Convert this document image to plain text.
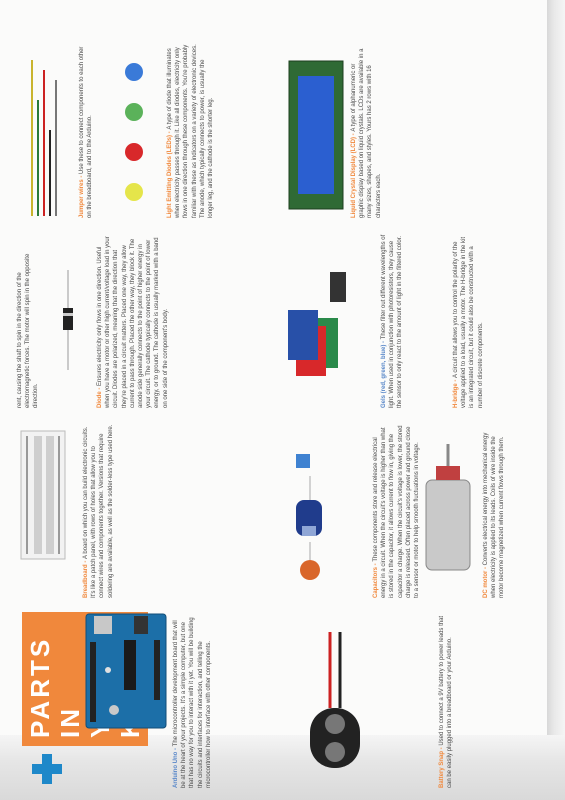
PARTS IN
Arduino Uno - The microcontroller development board that will be at the heart of your projects. It's a simple computer, but one that has no way for you to interact with it yet. You will be building the circuits and interfaces for interaction, and telling the microcontroller how to interface with other components.	Battery Snap - Used to connect a 9V battery to power leads that can be easily plugged into a breadboard or your Arduino.
Breadboard - A board on which you can build electronic circuits. It's like a patch panel, with rows of holes that allow you to connect wires and components together. Versions that require soldering are available, as well as the solder-less type used here.	Capacitors - These components store and release electrical energy in a circuit. When the circuit's voltage is higher than what is stored in the capacitor, it allows current to flow in, giving the capacitor a charge. When the circuit's voltage is lower, the stored charge is released. Often placed across power and ground close to a sensor or motor to help smooth fluctuations in voltage.
rent, causing the shaft to spin in the direction of the electromagnetic forces. The motor will spin in the opposite direction.	Diode - Ensures electricity only flows in one direction. Useful when you have a motor or other high current/voltage load in your circuit. Diodes are polarized, meaning that the direction that they're placed in a circuit matters. Placed one way, they allow current to pass through. Placed the other way, they block it. The anode side generally connects to the point of higher energy in your circuit. The cathode typically connects to the point of lower energy, or to ground. The cathode is usually marked with a band on one side of the component's body.	Gels (red, green, blue) - These filter out different wavelengths of light. When used in conjunction with photoresistors, they cause the sensor to only react to the amount of light in the filtered color.
Jumper wires - Use these to connect components to each other on the breadboard, and to the Arduino.	Light Emitting Diodes (LEDs) - A type of diode that illuminates when electricity passes through it. Like all diodes, electricity only flows in one direction through these components. You're probably familiar with these as indicators on a variety of electronic devices. The anode, which typically connects to power, is usually the longer leg, and the cathode is the shorter leg.	Liquid Crystal Display (LCD) - A type of alphanumeric or graphic display based on liquid crystals. LCDs are available in a many sizes, shapes, and styles. Yours has 2 rows with 16 characters each.
DC motor - Converts electrical energy into mechanical energy when electricity is applied to its leads. Coils of wire inside the motor become magnetized when current flows through them.
H-bridge - A circuit that allows you to control the polarity of the voltage applied to a load, usually a motor. The H-bridge in the kit is an integrated circuit, but it could also be constructed with a number of discrete components.
